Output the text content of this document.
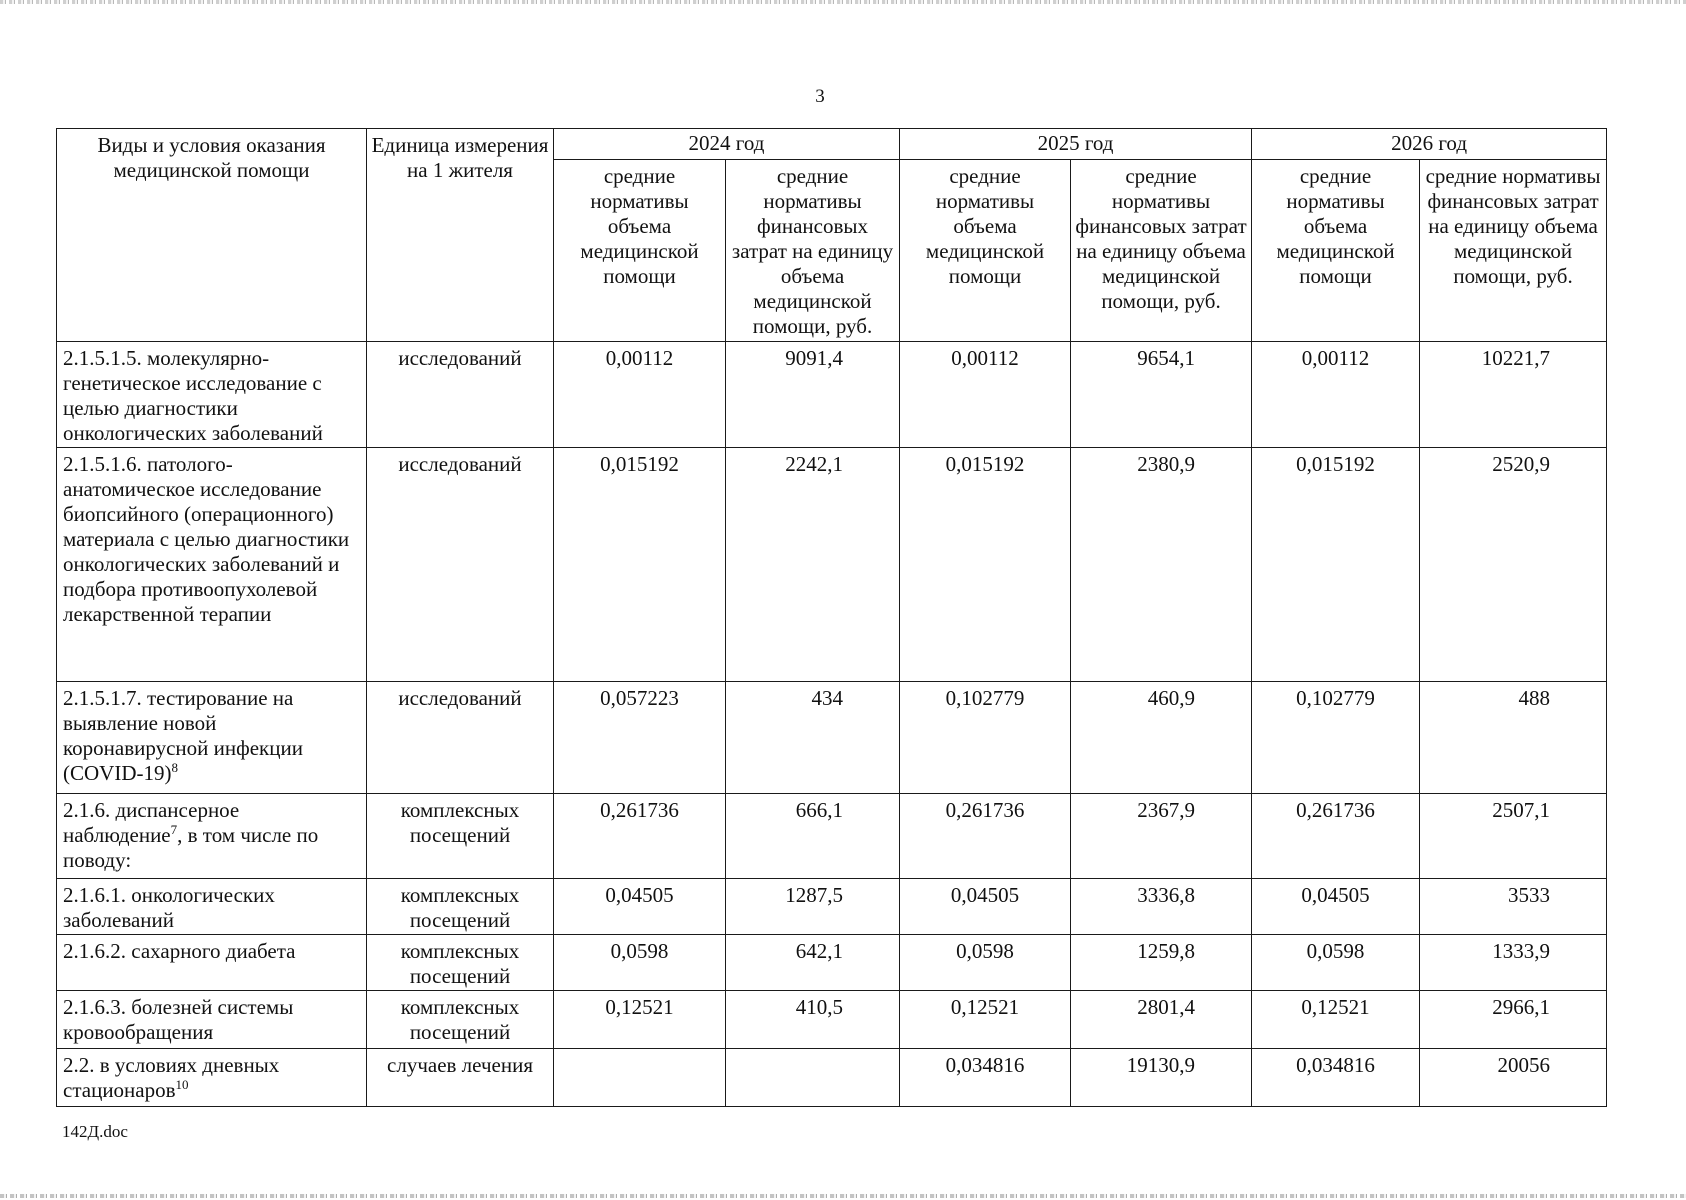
3
Виды и условия оказания медицинской помощи	Единица измерения на 1 жителя	2024 год		2025 год		2026 год	
		средние нормативы объема медицинской помощи	средние нормативы финансовых затрат на единицу объема медицинской помощи, руб.	средние нормативы объема медицинской помощи	средние нормативы финансовых затрат на единицу объема медицинской помощи, руб.	средние нормативы объема медицинской помощи	средние нормативы финансовых затрат на единицу объема медицинской помощи, руб.
2.1.5.1.5. молекулярно-генетическое исследование с целью диагностики онкологических заболеваний	исследований	0,00112	9091,4	0,00112	9654,1	0,00112	10221,7
2.1.5.1.6. патолого-анатомическое исследование биопсийного (операционного) материала с целью диагностики онкологических заболеваний и подбора противоопухолевой лекарственной терапии	исследований	0,015192	2242,1	0,015192	2380,9	0,015192	2520,9
2.1.5.1.7. тестирование на выявление новой коронавирусной инфекции (COVID-19)$^8$	исследований	0,057223	434	0,102779	460,9	0,102779	488
2.1.6. диспансерное наблюдение$^7$, в том числе по поводу:	комплексных посещений	0,261736	666,1	0,261736	2367,9	0,261736	2507,1
2.1.6.1. онкологических заболеваний	комплексных посещений	0,04505	1287,5	0,04505	3336,8	0,04505	3533
2.1.6.2. сахарного диабета	комплексных посещений	0,0598	642,1	0,0598	1259,8	0,0598	1333,9
2.1.6.3. болезней системы кровообращения	комплексных посещений	0,12521	410,5	0,12521	2801,4	0,12521	2966,1
2.2. в условиях дневных стационаров$^{10}$	случаев лечения			0,034816	19130,9	0,034816	20056
142Д.doc
